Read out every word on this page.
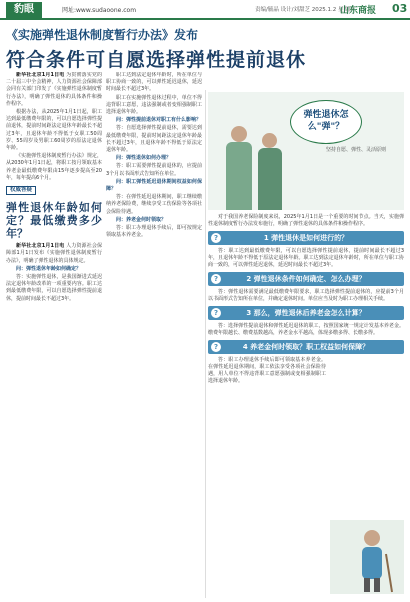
豹眼	网址:www.sudaoone.com	责编/毓晶 设计/刘甜芝 2025.1.2 星期四
山东商报 03
《实施弹性退休制度暂行办法》发布
符合条件可自愿选择弹性提前退休

新华社北京1月1日电 为贯彻落实党的二十届三中全会精神，人力资源社会保障部会同有关部门印发了《实施弹性退休制度暂行办法》，明确了弹性退休的具体条件和操作程序。

根据办法，从2025年1月1日起，职工达到最低缴费年限的，可以自愿选择弹性提前退休，提前时间距法定退休年龄最长不超过3年，且退休年龄不得低于女职工50周岁、55周岁及男职工60周岁的原法定退休年龄。

《实施弹性退休制度暂行办法》规定，从2030年1月1日起，将职工按月领取基本养老金最低缴费年限由15年逐步提高至20年，每年提高6个月。

权威答疑
弹性退休年龄如何定？最低缴费多少年？

新华社北京1月1日电 人力资源社会保障部1月1日发布《实施弹性退休制度暂行办法》，明确了弹性退休的具体规定。

问：弹性退休年龄如何确定？

答：实施弹性退休，是我国渐进式延迟法定退休年龄改革的一项重要内容。职工达到最低缴费年限，可以自愿选择弹性提前退休，提前时间最长不超过3年。

职工达到法定退休年龄时，所在单位与职工协商一致的，可以弹性延迟退休，延迟时间最长不超过3年。

职工在实施弹性退休过程中，单位不得违背职工意愿，违法强制或者变相强制职工选择退休年龄。

问：弹性提前退休对职工有什么影响？

答：自愿选择弹性提前退休，需要达到最低缴费年限，提前时间距法定退休年龄最长不超过3年，且退休年龄不得低于原法定退休年龄。

问：弹性退休如何办理？

答：职工需要弹性提前退休的，应提前3个月以书面形式告知所在单位。

问：职工弹性延迟退休期间权益如何保障？

答：在弹性延迟退休期间，职工继续缴纳养老保险费，继续享受工伤保险等各项社会保险待遇。

问：养老金何时领取？

答：职工办理退休手续后，即可按规定领取基本养老金。

弹性退休怎么"弹"？
坚持自愿、弹性、灵活原则

对于我国养老保险制度来说，2025年1月1日是一个重要的时间节点。当天，实施弹性退休制度暂行办法发布施行，明确了弹性退休的具体条件和操作程序。

?	1 弹性退休是如何进行的？

答：职工达到最低缴费年限，可以自愿选择弹性提前退休，提前时间最长不超过3年，且退休年龄不得低于原法定退休年龄。职工达到法定退休年龄时，所在单位与职工协商一致的，可以弹性延迟退休，延迟时间最长不超过3年。

?	2 弹性退休条件如何确定、怎么办理？

答：弹性退休需要满足最低缴费年限要求，职工选择弹性提前退休的，应提前3个月以书面形式告知所在单位，并确定退休时间。单位应当及时为职工办理相关手续。

?	3 那么，弹性退休后养老金怎么计算？

答：选择弹性提前退休和弹性延迟退休的职工，按照国家统一规定计发基本养老金。缴费年限越长、缴费基数越高，养老金水平越高，体现多缴多得、长缴多得。

?	4 养老金何时领取？职工权益如何保障？

答：职工办理退休手续后即可领取基本养老金。在弹性延迟退休期间，职工依法享受各项社会保险待遇，用人单位不得违背职工意愿强制或变相强制职工选择退休年龄。
